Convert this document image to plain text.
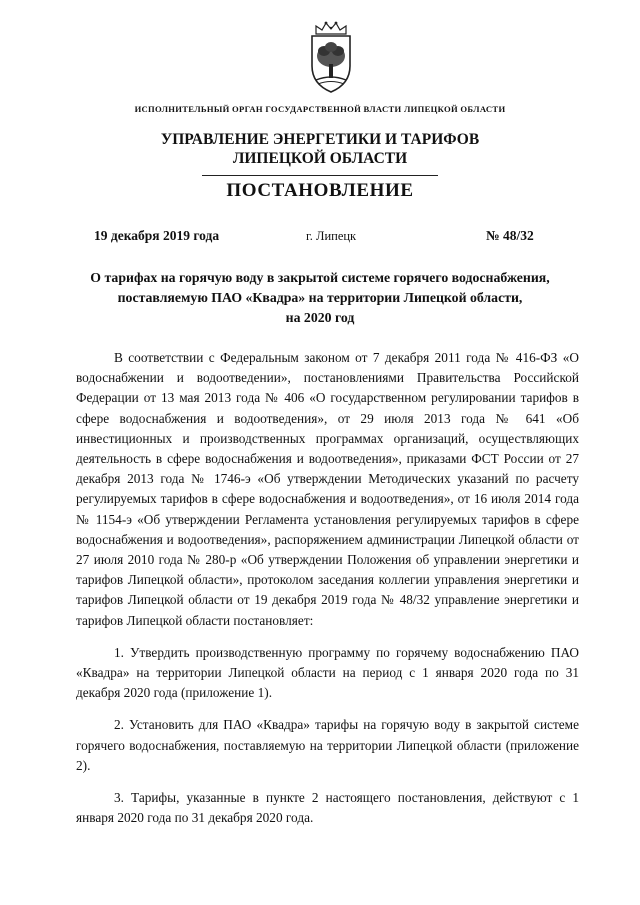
ИСПОЛНИТЕЛЬНЫЙ ОРГАН ГОСУДАРСТВЕННОЙ ВЛАСТИ ЛИПЕЦКОЙ ОБЛАСТИ
УПРАВЛЕНИЕ ЭНЕРГЕТИКИ И ТАРИФОВ
ЛИПЕЦКОЙ ОБЛАСТИ
ПОСТАНОВЛЕНИЕ
19 декабря 2019 года	г. Липецк	№ 48/32
О тарифах на горячую воду в закрытой системе горячего водоснабжения,
поставляемую ПАО «Квадра» на территории Липецкой области,
на 2020 год

В соответствии с Федеральным законом от 7 декабря 2011 года № 416-ФЗ «О водоснабжении и водоотведении», постановлениями Правительства Российской Федерации от 13 мая 2013 года № 406 «О государственном регулировании тарифов в сфере водоснабжения и водоотведения», от 29 июля 2013 года № 641 «Об инвестиционных и производственных программах организаций, осуществляющих деятельность в сфере водоснабжения и водоотведения», приказами ФСТ России от 27 декабря 2013 года № 1746-э «Об утверждении Методических указаний по расчету регулируемых тарифов в сфере водоснабжения и водоотведения», от 16 июля 2014 года № 1154-э «Об утверждении Регламента установления регулируемых тарифов в сфере водоснабжения и водоотведения», распоряжением администрации Липецкой области от 27 июля 2010 года № 280-р «Об утверждении Положения об управлении энергетики и тарифов Липецкой области», протоколом заседания коллегии управления энергетики и тарифов Липецкой области от 19 декабря 2019 года № 48/32 управление энергетики и тарифов Липецкой области постановляет:

1. Утвердить производственную программу по горячему водоснабжению ПАО «Квадра» на территории Липецкой области на период с 1 января 2020 года по 31 декабря 2020 года (приложение 1).

2. Установить для ПАО «Квадра» тарифы на горячую воду в закрытой системе горячего водоснабжения, поставляемую на территории Липецкой области (приложение 2).

3. Тарифы, указанные в пункте 2 настоящего постановления, действуют с 1 января 2020 года по 31 декабря 2020 года.
